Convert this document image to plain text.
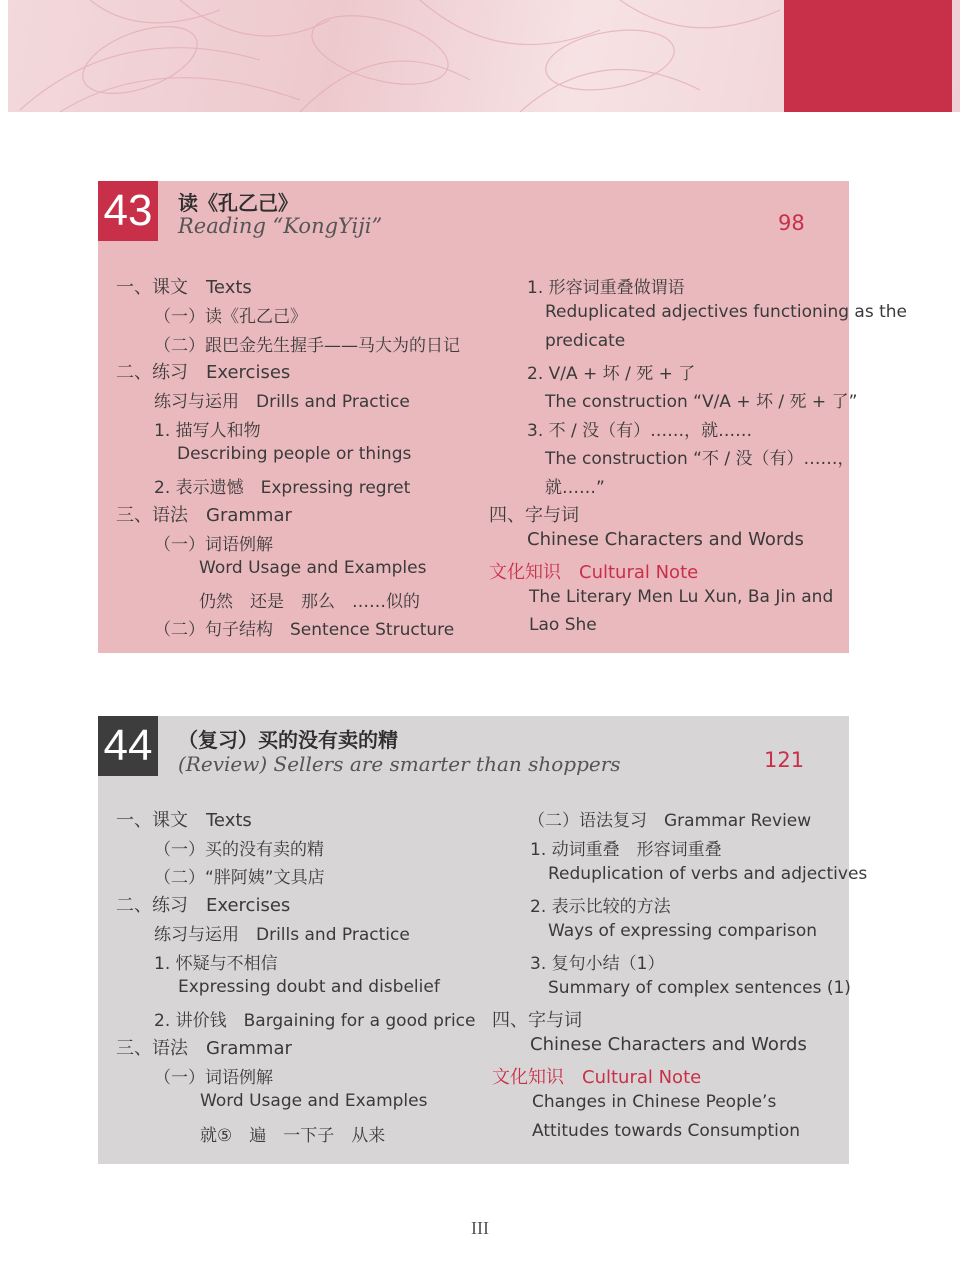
43 读《孔乙己》
Reading “KongYiji”	98
一、课文　Texts
（一）读《孔乙己》
（二）跟巴金先生握手——马大为的日记
二、练习　Exercises
练习与运用　Drills and Practice
1. 描写人和物
Describing people or things
2. 表示遗憾　Expressing regret
三、语法　Grammar
（一）词语例解
Word Usage and Examples
仍然　还是　那么　……似的
（二）句子结构　Sentence Structure
1. 形容词重叠做谓语
Reduplicated adjectives functioning as the
predicate
2. V/A + 坏 / 死 + 了
The construction “V/A + 坏 / 死 + 了”
3. 不 / 没（有）……，就……
The construction “不 / 没（有）……，
就……”
四、字与词
Chinese Characters and Words
文化知识　Cultural Note
The Literary Men Lu Xun, Ba Jin and
Lao She
44 （复习）买的没有卖的精
(Review) Sellers are smarter than shoppers	121
一、课文　Texts
（一）买的没有卖的精
（二）“胖阿姨”文具店
二、练习　Exercises
练习与运用　Drills and Practice
1. 怀疑与不相信
Expressing doubt and disbelief
2. 讲价钱　Bargaining for a good price
三、语法　Grammar
（一）词语例解
Word Usage and Examples
就⑤　遍　一下子　从来
（二）语法复习　Grammar Review
1. 动词重叠　形容词重叠
Reduplication of verbs and adjectives
2. 表示比较的方法
Ways of expressing comparison
3. 复句小结（1）
Summary of complex sentences (1)
四、字与词
Chinese Characters and Words
文化知识　Cultural Note
Changes in Chinese People’s
Attitudes towards Consumption
III
